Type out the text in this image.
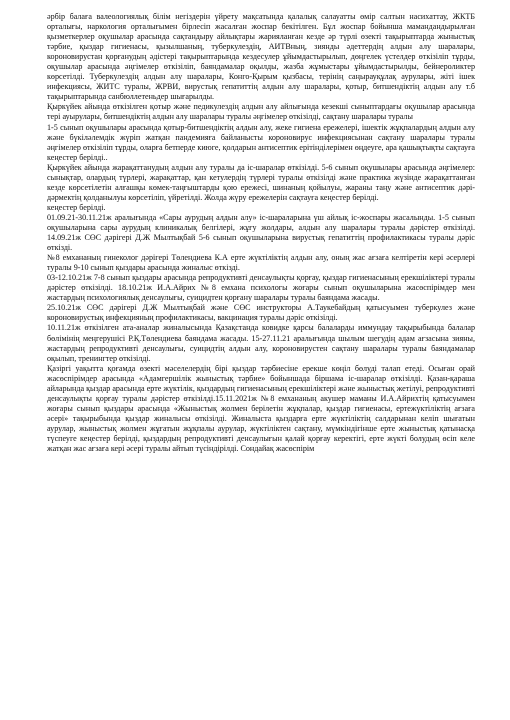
әрбір балаға валеологиялық білім негіздерін үйрету мақсатында қалалық салауатты өмір салтын насихаттау, ЖКТБ орталығы, наркология орталығымен бірлесіп жасалған жоспар бекітілген. Бұл жоспар бойынша мамандандырылған қызметкерлер оқушылар арасында сақтандыру айлықтары жарияланған кезде әр түрлі өзекті тақырыптарда жыныстық тәрбие, қыздар гигиенасы, қызылшаның, туберкулездің, АИТВның, зиянды әдеттердің алдын алу шаралары, короновирустан қорғанудың әдістері тақырыптарында кездесулер ұйымдастырылып, дөңгелек үстелдер өткізіліп тұрды, оқушылар арасында әңгімелер өткізіліп, баяндамалар оқылды, жазба жұмыстары ұйымдастырылды, бейнероликтер көрсетілді. Туберкулездің алдын алу шаралары, Конго-Қырым қызбасы, терінің саңырауқұлақ аурулары, жіті ішек инфекциясы, ЖИТС туралы, ЖРВИ, вирустық гепатиттің алдын алу шаралары, қотыр, битшендіктің алдын алу т.б тақырыптарында санбюллетеньдер шығарылды.

Қыркүйек айында өткізілген қотыр және педикулездің алдын алу айлығында кезекші сыныптардағы оқушылар арасында тері ауырулары, битшендіктің алдын алу шаралары туралы әңгімелер өткізілді, сақтану шаралары туралы

1-5 сынып оқушылары арасында қотыр-битшендіктің алдын алу, жеке гигиена ережелері, ішектік жұқпалардың алдын алу және бүкіләлемдік жүріп жатқан пандемияға байланысты короновирус инфекциясынан сақтану шаралары туралы әңгімелер өткізіліп тұрды, оларға бетперде киюге, қолдарын антисептик ерітінділерімен өңдеуге, ара қашықтықты сақтауға кеңестер берілді..

Қыркүйек айында жарақаттанудың алдын алу туралы да іс-шаралар өткізілді. 5-6 сынып оқушылары арасында әңгімелер: сынықтар, олардың түрлері, жарақаттар, қан кетулердің түрлері туралы өткізілді және практика жүзінде жарақаттанған кезде көрсетілетін алғашқы көмек-таңғыштарды қою ережесі, шинаның қойылуы, жараны таңу және антисептик дәрі-дәрмектің қолданылуы көрсетіліп, үйретілді. Жолда жүру ережелерін сақтауға кеңестер берілді.

кеңестер берілді.

01.09.21-30.11.21ж аралығында «Сары аурудың алдын алу» іс-шараларына үш айлық іс-жоспары жасалынды. 1-5 сынып оқушыларына сары аурудың клиникалық белгілері, жұғу жолдары, алдын алу шаралары туралы дәрістер өткізілді. 14.09.21ж СӨС дәрігері Д.Ж Мылтықбай 5-6 сынып оқушыларына вирустық гепатиттің профилактикасы туралы дәріс өткізді.

№8 емхананың гинеколог дәрігері Төлендиева К.А ерте жүктіліктің алдын алу, оның жас ағзаға келтіретін кері әсерлері туралы 9-10 сынып қыздары арасында жиналыс өткізді.

03-12.10.21ж 7-8 сынып қыздары арасында репродуктивті денсаулықты қорғау, қыздар гигиенасының ерекшіліктері туралы дәрістер өткізілді. 18.10.21ж И.А.Айрих №8 емхана психологы жоғары сынып оқушыларына жасөспірімдер мен жастардың психологиялық денсаулығы, суицидтен қорғану шаралары туралы баяндама жасады.

25.10.21ж СӨС дәрігері Д.Ж Мылтықбай және СӨС инструкторы А.Таукебайдың қатысуымен туберкулез және короновирустық инфекцияның профилактикасы, вакцинация туралы дәріс өткізілді.

10.11.21ж өткізілген ата-аналар жиналысында Қазақстанда ковидке қарсы балаларды иммундау тақырыбында балалар бөлімінің меңгерушісі Р.Қ.Төлендиева баяндама жасады. 15-27.11.21 аралығында шылым шегудің адам ағзасына зияны, жастардың репродуктивті денсаулығы, суицидтің алдын алу, короновирустен сақтану шаралары туралы баяндамалар оқылып, тренингтер өткізілді.

Қазіргі уақытта қоғамда өзекті мәселелердің бірі қыздар тәрбиесіне ерекше көңіл бөлуді талап етеді. Осыған орай жасөспірімдер арасында «Адамгершілік жыныстық тәрбие» бойыншада біршама іс-шаралар өткізілді. Қазан-қараша айларында қыздар арасында ерте жүктілік, қыздардың гигиенасының ерекшіліктері және жыныстық жетілуі, репродуктивті денсаулықты қорғау туралы дәрістер өткізілді.15.11.2021ж №8 емхананың акушер маманы И.А.Айрихтің қатысуымен жоғары сынып қыздары арасында «Жыныстық жолмен берілетін жұқпалар, қыздар гигиенасы, ертежүктіліктің ағзаға әсері» тақырыбында қыздар жиналысы өткізілді. Жиналыста қыздарға ерте жүктіліктің салдарынан келіп шығатын аурулар, жыныстық жолмен жұғатын жұқпалы аурулар, жүктіліктен сақтану, мүмкіндігінше ерте жыныстық қатынасқа түспеуге кеңестер берілді, қыздардың репродуктивті денсаулығын қалай қорғау керектігі, ерте жүкті болудың өсіп келе жатқан жас ағзаға кері әсері туралы айтып түсіндірілді. Сондайақ жасөспірім
